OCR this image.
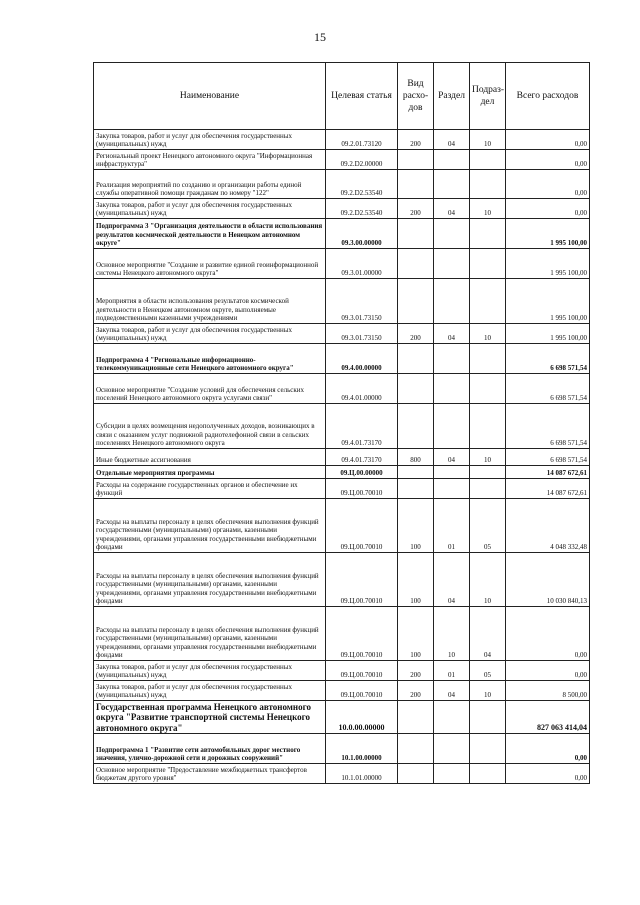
15
Наименование	Целевая статья	Вид расхо-дов	Раздел	Подраз-дел	Всего расходов
Закупка товаров, работ и услуг для обеспечения государственных (муниципальных) нужд	09.2.01.73120	200	04	10	0,00
Региональный проект Ненецкого автономного округа "Информационная инфраструктура"	09.2.D2.00000				0,00
Реализация мероприятий по созданию и организации работы единой службы оперативной помощи гражданам по номеру "122"	09.2.D2.53540				0,00
Закупка товаров, работ и услуг для обеспечения государственных (муниципальных) нужд	09.2.D2.53540	200	04	10	0,00
Подпрограмма 3 "Организация деятельности в области использования результатов космической деятельности в Ненецком автономном округе"	09.3.00.00000				1 995 100,00
Основное мероприятие "Создание и развитие единой геоинформационной системы Ненецкого автономного округа"	09.3.01.00000				1 995 100,00
Мероприятия в области использования результатов космической деятельности в Ненецком автономном округе, выполняемые подведомственными казенными учреждениями	09.3.01.73150				1 995 100,00
Закупка товаров, работ и услуг для обеспечения государственных (муниципальных) нужд	09.3.01.73150	200	04	10	1 995 100,00
Подпрограмма 4 "Региональные информационно-телекоммуникационные сети Ненецкого автономного округа"	09.4.00.00000				6 698 571,54
Основное мероприятие "Создание условий для обеспечения сельских поселений Ненецкого автономного округа услугами связи"	09.4.01.00000				6 698 571,54
Субсидии в целях возмещения недополученных доходов, возникающих в связи с оказанием услуг подвижной радиотелефонной связи в сельских поселениях Ненецкого автономного округа	09.4.01.73170				6 698 571,54
Иные бюджетные ассигнования	09.4.01.73170	800	04	10	6 698 571,54
Отдельные мероприятия программы	09.Ц.00.00000				14 087 672,61
Расходы на содержание государственных органов и обеспечение их функций	09.Ц.00.70010				14 087 672,61
Расходы на выплаты персоналу в целях обеспечения выполнения функций государственными (муниципальными) органами, казенными учреждениями, органами управления государственными внебюджетными фондами	09.Ц.00.70010	100	01	05	4 048 332,48
Расходы на выплаты персоналу в целях обеспечения выполнения функций государственными (муниципальными) органами, казенными учреждениями, органами управления государственными внебюджетными фондами	09.Ц.00.70010	100	04	10	10 030 840,13
Расходы на выплаты персоналу в целях обеспечения выполнения функций государственными (муниципальными) органами, казенными учреждениями, органами управления государственными внебюджетными фондами	09.Ц.00.70010	100	10	04	0,00
Закупка товаров, работ и услуг для обеспечения государственных (муниципальных) нужд	09.Ц.00.70010	200	01	05	0,00
Закупка товаров, работ и услуг для обеспечения государственных (муниципальных) нужд	09.Ц.00.70010	200	04	10	8 500,00
Государственная программа Ненецкого автономного округа "Развитие транспортной системы Ненецкого автономного округа"	10.0.00.00000				827 063 414,04
Подпрограмма 1 "Развитие сети автомобильных дорог местного значения, улично-дорожной сети и дорожных сооружений"	10.1.00.00000				0,00
Основное мероприятие "Предоставление межбюджетных трансфертов бюджетам другого уровня"	10.1.01.00000				0,00
